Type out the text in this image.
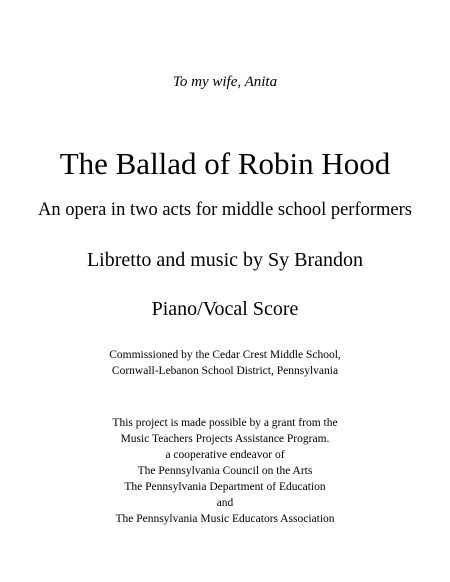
To my wife, Anita

The Ballad of Robin Hood

An opera in two acts for middle school performers

Libretto and music by Sy Brandon

Piano/Vocal Score

Commissioned by the Cedar Crest Middle School,
Cornwall-Lebanon School District, Pennsylvania
This project is made possible by a grant from the
Music Teachers Projects Assistance Program.
a cooperative endeavor of
The Pennsylvania Council on the Arts
The Pennsylvania Department of Education
and
The Pennsylvania Music Educators Association
